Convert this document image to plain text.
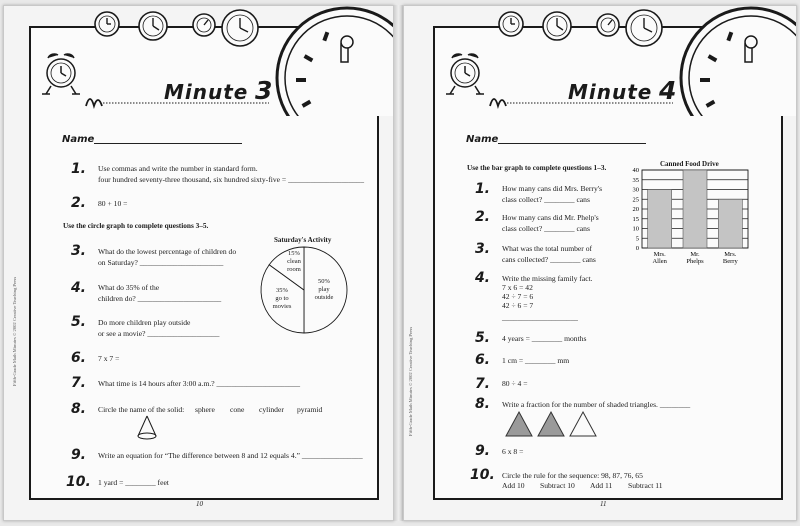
Minute 3
Name
1. Use commas and write the number in standard form.
four hundred seventy-three thousand, six hundred sixty-five = ____________________
2. 80 + 10 =
Use the circle graph to complete questions 3–5.
3. What do the lowest percentage of children do
on Saturday? ______________________
4. What do 35% of the
children do? ______________________
5. Do more children play outside
or see a movie? ___________________
6. 7 x 7 =
7. What time is 14 hours after 3:00 a.m.? ______________________
8. Circle the name of the solid: sphere cone cylinder pyramid
9. Write an equation for “The difference between 8 and 12 equals 4.” ________________
10. 1 yard = ________ feet
Saturday's Activity
15%
clean
room
35%
go to
movies
50%
play
outside
Fifth-Grade Math Minutes © 2002 Creative Teaching Press
10
Minute 4
Name
Use the bar graph to complete questions 1–3.
1. How many cans did Mrs. Berry's
class collect? ________ cans
2. How many cans did Mr. Phelp's
class collect? ________ cans
3. What was the total number of
cans collected? ________ cans
4. Write the missing family fact.
7 x 6 = 42
42 ÷ 7 = 6
42 ÷ 6 = 7
____________________
5. 4 years = ________ months
6. 1 cm = ________ mm
7. 80 ÷ 4 =
8. Write a fraction for the number of shaded triangles. ________
9. 6 x 8 =
10. Circle the rule for the sequence: 98, 87, 76, 65
Add 10 Subtract 10 Add 11 Subtract 11
Canned Food Drive
0
5
10
15
20
25
30
35
40
Mrs.
Allen
Mr.
Phelps
Mrs.
Berry
Fifth-Grade Math Minutes © 2002 Creative Teaching Press
11
